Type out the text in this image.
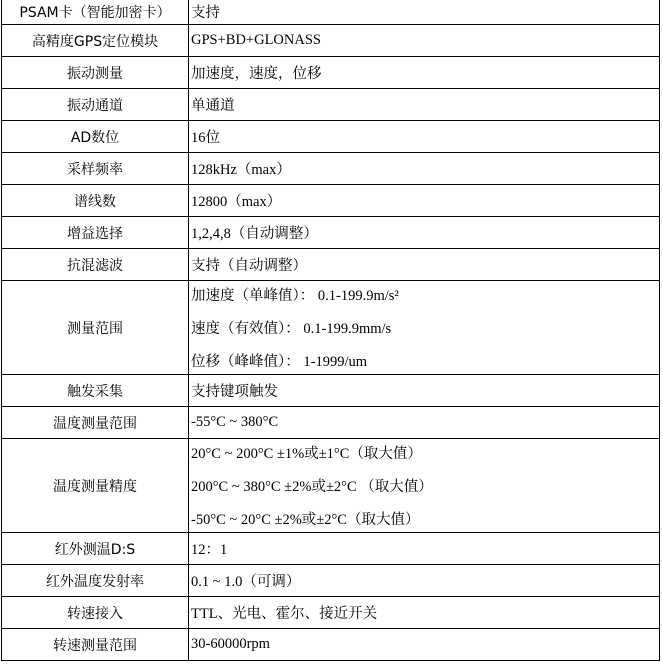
PSAM卡（智能加密卡）	支持

高精度GPS定位模块	GPS+BD+GLONASS

振动测量	加速度，速度，位移

振动通道	单通道

AD数位	16位

采样频率	128kHz（max）

谱线数	12800（max）

增益选择	1,2,4,8（自动调整）

抗混滤波	支持（自动调整）

测量范围	加速度（单峰值）： 0.1-199.9m/s²
速度（有效值）： 0.1-199.9mm/s
位移（峰峰值）： 1-1999/um

触发采集	支持键项触发

温度测量范围	-55°C ~ 380°C

温度测量精度	20°C ~ 200°C ±1%或±1°C（取大值）
200°C ~ 380°C ±2%或±2°C （取大值）
-50°C ~ 20°C ±2%或±2°C（取大值）

红外测温D:S	12：1

红外温度发射率	0.1 ~ 1.0（可调）

转速接入	TTL、光电、霍尔、接近开关

转速测量范围	30-60000rpm
